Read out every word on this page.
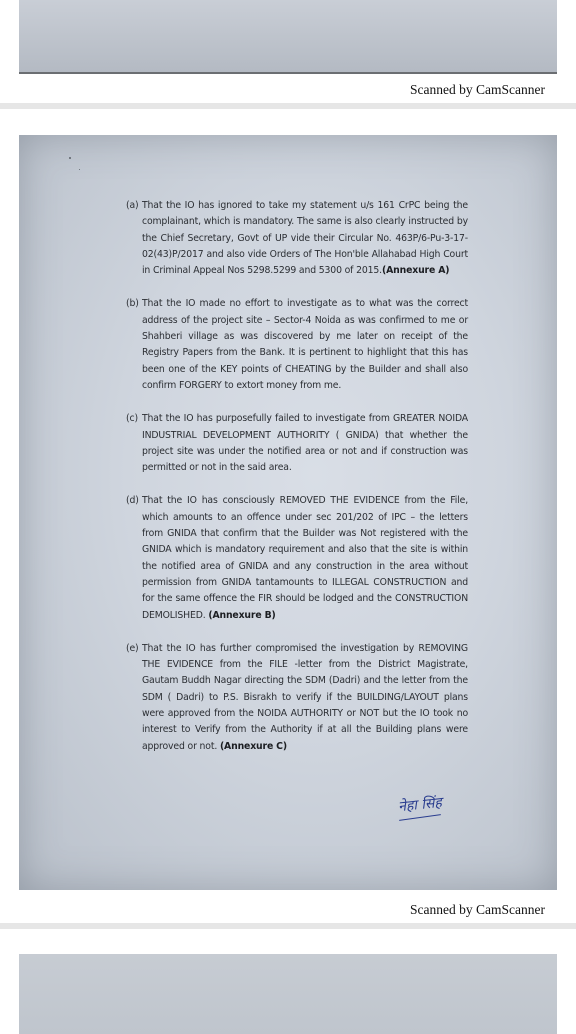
Scanned by CamScanner
(a) That the IO has ignored to take my statement u/s 161 CrPC being the complainant, which is mandatory. The same is also clearly instructed by the Chief Secretary, Govt of UP vide their Circular No. 463P/6-Pu-3-17-02(43)P/2017 and also vide Orders of The Hon'ble Allahabad High Court in Criminal Appeal Nos 5298.5299 and 5300 of 2015.(Annexure A)
(b) That the IO made no effort to investigate as to what was the correct address of the project site – Sector-4 Noida as was confirmed to me or Shahberi village as was discovered by me later on receipt of the Registry Papers from the Bank. It is pertinent to highlight that this has been one of the KEY points of CHEATING by the Builder and shall also confirm FORGERY to extort money from me.
(c) That the IO has purposefully failed to investigate from GREATER NOIDA INDUSTRIAL DEVELOPMENT AUTHORITY ( GNIDA) that whether the project site was under the notified area or not and if construction was permitted or not in the said area.
(d) That the IO has consciously REMOVED THE EVIDENCE from the File, which amounts to an offence under sec 201/202 of IPC – the letters from GNIDA that confirm that the Builder was Not registered with the GNIDA which is mandatory requirement and also that the site is within the notified area of GNIDA and any construction in the area without permission from GNIDA tantamounts to ILLEGAL CONSTRUCTION and for the same offence the FIR should be lodged and the CONSTRUCTION DEMOLISHED. (Annexure B)
(e) That the IO has further compromised the investigation by REMOVING THE EVIDENCE from the FILE -letter from the District Magistrate, Gautam Buddh Nagar directing the SDM (Dadri) and the letter from the SDM ( Dadri) to P.S. Bisrakh to verify if the BUILDING/LAYOUT plans were approved from the NOIDA AUTHORITY or NOT but the IO took no interest to Verify from the Authority if at all the Building plans were approved or not. (Annexure C)
नेहा सिंह
Scanned by CamScanner
